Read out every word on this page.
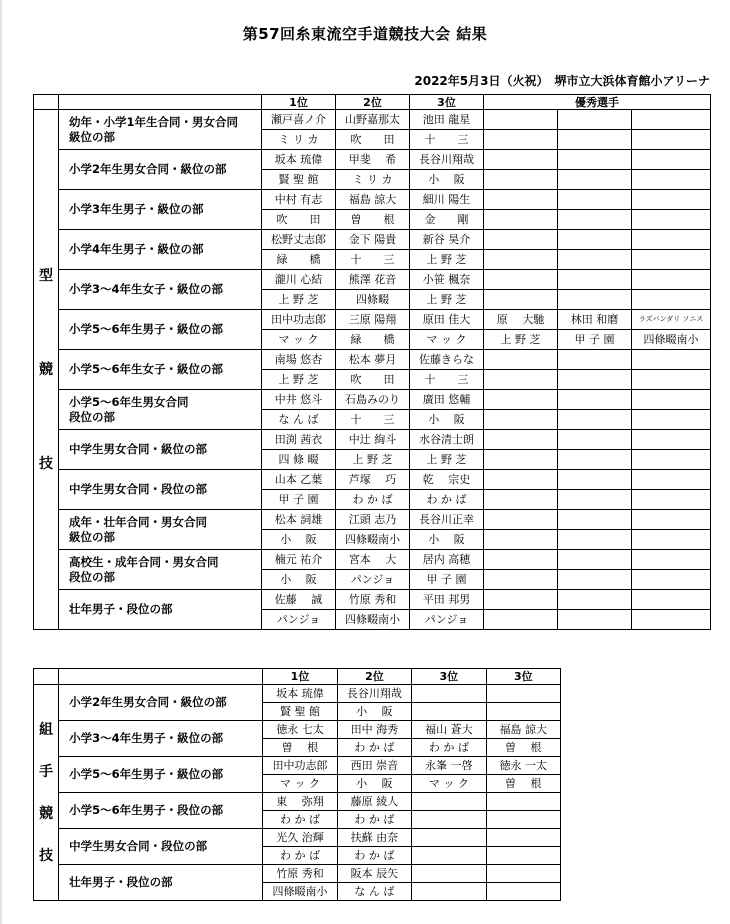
第57回糸東流空手道競技大会 結果
2022年5月3日（火祝）　堺市立大浜体育館小アリーナ
		1位	2位	3位	優秀選手		

型
競
技	幼年・小学1年生合同・男女合同
級位の部	瀬戸喜ノ介	山野嘉那太	池田 龍星			
		ミ リ カ	吹　　田	十　　三			
	小学2年生男女合同・級位の部	坂本 琉偉	甲斐　 希	長谷川翔哉			
		賢 聖 館	ミ リ カ	小　 阪			
	小学3年生男子・級位の部	中村 有志	福島 諒大	細川 陽生			
		吹　　田	曽　　根	金　　剛			
	小学4年生男子・級位の部	松野丈志郎	金下 陽貴	新谷 昊介			
		緑　　橋	十　　三	上 野 芝			
	小学3～4年生女子・級位の部	瀧川 心結	熊澤 花音	小笹 楓奈			
		上 野 芝	四條畷	上 野 芝			
	小学5～6年生男子・級位の部	田中功志郎	三原 陽翔	原田 佳大	原　 大馳	林田 和磨	ラズバンダリ ソニス
		マ ッ ク	緑　　橋	マ ッ ク	上 野 芝	甲 子 園	四條畷南小
	小学5～6年生女子・級位の部	南場 悠杏	松本 夢月	佐藤きらな			
		上 野 芝	吹　　田	十　　三			
	小学5～6年生男女合同
段位の部	中井 悠斗	石島みのり	廣田 悠輔			
		な ん ば	十　　三	小　 阪			
	中学生男女合同・級位の部	田渕 茜衣	中辻 絢斗	水谷清士朗			
		四 條 畷	上 野 芝	上 野 芝			
	中学生男女合同・段位の部	山本 乙葉	芦塚　 巧	乾　 宗史			
		甲 子 園	わ か ば	わ か ば			
	成年・壮年合同・男女合同
級位の部	松本 詞雄	江頭 志乃	長谷川正幸			
		小　 阪	四條畷南小	小　 阪			
	高校生・成年合同・男女合同
段位の部	楠元 祐介	宮本　 大	居内 高穂			
		小　 阪	パンジョ	甲 子 園			
	壮年男子・段位の部	佐藤　 誠	竹原 秀和	平田 邦男			
		パンジョ	四條畷南小	パンジョ			
		1位	2位	3位	3位

組
手
競
技	小学2年生男女合同・級位の部	坂本 琉偉	長谷川翔哉		
		賢 聖 館	小　 阪		
	小学3～4年生男子・級位の部	徳永 七太	田中 海秀	福山 蒼大	福島 諒大
		曽　 根	わ か ば	わ か ば	曽　 根
	小学5～6年生男子・級位の部	田中功志郎	西田 崇音	永峯 一啓	徳永 一太
		マ ッ ク	小　 阪	マ ッ ク	曽　 根
	小学5～6年生男子・段位の部	東　 弥翔	藤原 綾人		
		わ か ば	わ か ば		
	中学生男女合同・段位の部	光久 治輝	扶蘇 由奈		
		わ か ば	わ か ば		
	壮年男子・段位の部	竹原 秀和	阪本 辰矢		
		四條畷南小	な ん ば		
